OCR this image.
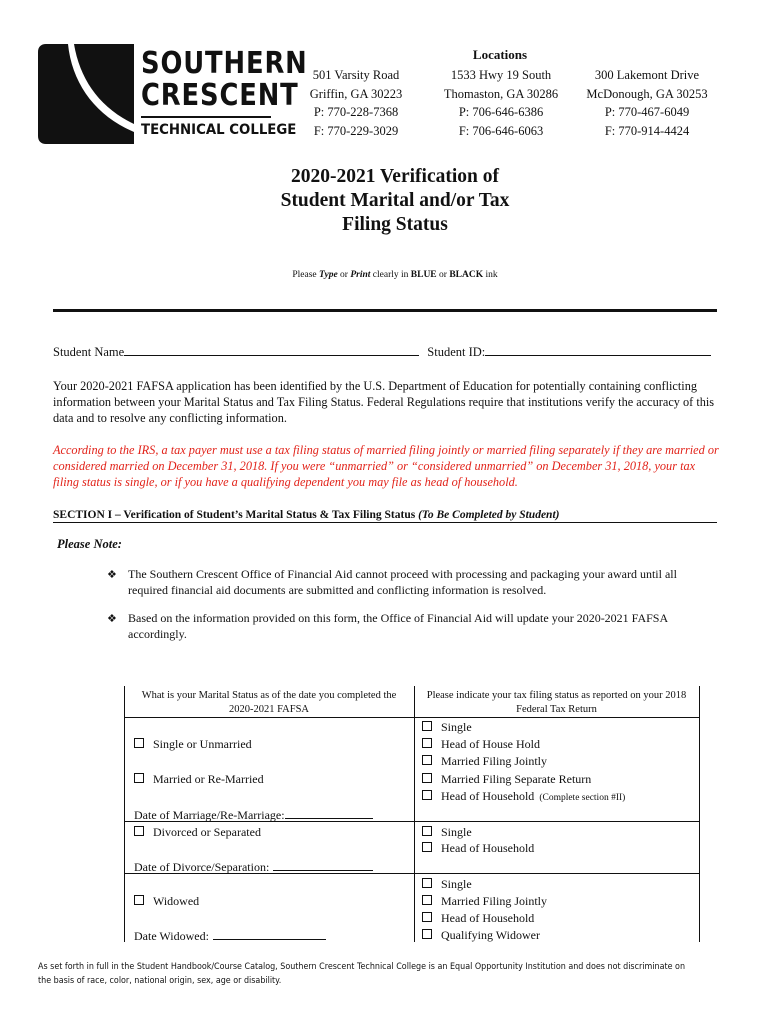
SOUTHERN
CRESCENT
TECHNICAL COLLEGE
Locations
501 Varsity Road
Griffin, GA 30223
P: 770-228-7368
F: 770-229-3029
1533 Hwy 19 South
Thomaston, GA 30286
P: 706-646-6386
F: 706-646-6063
300 Lakemont Drive
McDonough, GA 30253
P: 770-467-6049
F: 770-914-4424
2020-2021 Verification of
Student Marital and/or Tax
Filing Status
Please Type or Print clearly in BLUE or BLACK ink
Student Name	Student ID:
Your 2020-2021 FAFSA application has been identified by the U.S. Department of Education for potentially containing conflicting information between your Marital Status and Tax Filing Status. Federal Regulations require that institutions verify the accuracy of this data and to resolve any conflicting information.
According to the IRS, a tax payer must use a tax filing status of married filing jointly or married filing separately if they are married or considered married on December 31, 2018. If you were “unmarried” or “considered unmarried” on December 31, 2018, your tax filing status is single, or if you have a qualifying dependent you may file as head of household.
SECTION I – Verification of Student’s Marital Status & Tax Filing Status (To Be Completed by Student)
Please Note:
❖ The Southern Crescent Office of Financial Aid cannot proceed with processing and packaging your award until all required financial aid documents are submitted and conflicting information is resolved.
❖ Based on the information provided on this form, the Office of Financial Aid will update your 2020-2021 FAFSA accordingly.
What is your Marital Status as of the date you completed the 2020-2021 FAFSA
Please indicate your tax filing status as reported on your 2018 Federal Tax Return
Single or Unmarried
Married or Re-Married
Date of Marriage/Re-Marriage:
Divorced or Separated
Date of Divorce/Separation:
Widowed
Date Widowed:
Single
Head of House Hold
Married Filing Jointly
Married Filing Separate Return
Head of Household (Complete section #II)
Single
Head of Household
Single
Married Filing Jointly
Head of Household
Qualifying Widower
As set forth in full in the Student Handbook/Course Catalog, Southern Crescent Technical College is an Equal Opportunity Institution and does not discriminate on the basis of race, color, national origin, sex, age or disability.
